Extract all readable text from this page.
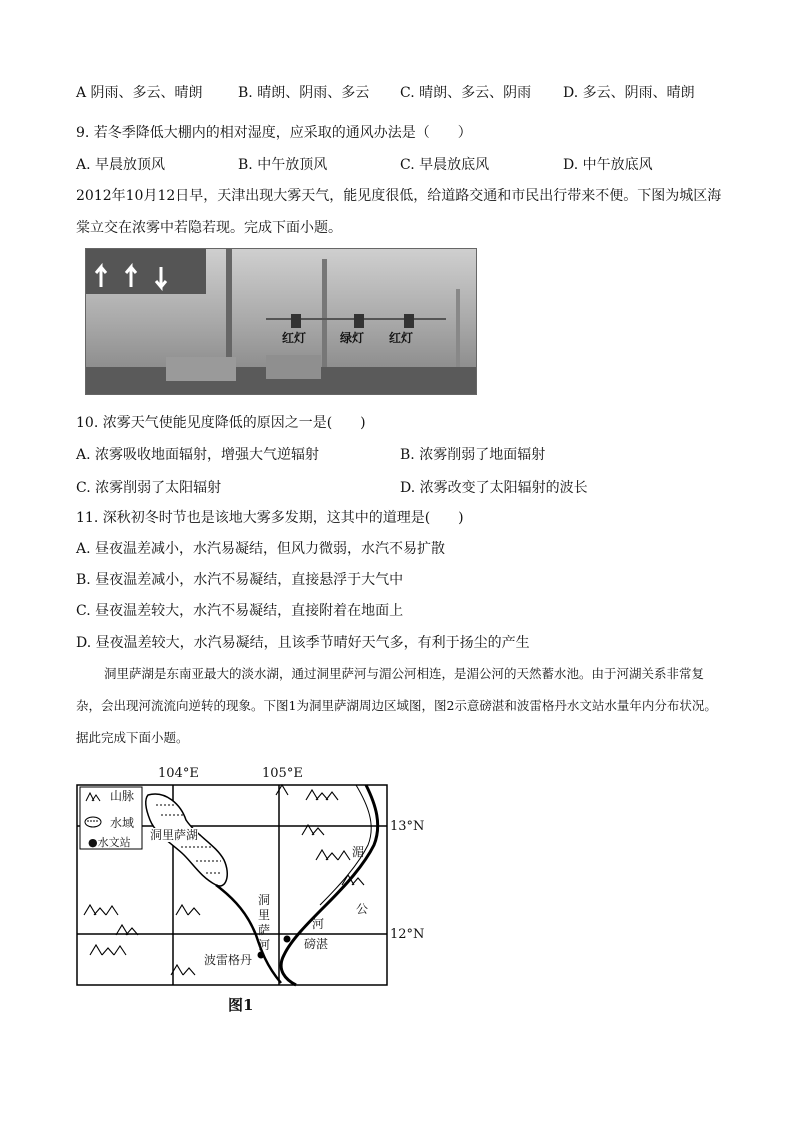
A 阴雨、多云、晴朗	B. 晴朗、阴雨、多云 C. 晴朗、多云、阴雨 D. 多云、阴雨、晴朗
9. 若冬季降低大棚内的相对湿度，应采取的通风办法是（　　）
A. 早晨放顶风	B. 中午放顶风	C. 早晨放底风	D. 中午放底风
2012年10月12日早，天津出现大雾天气，能见度很低，给道路交通和市民出行带来不便。下图为城区海棠立交在浓雾中若隐若现。完成下面小题。
红灯	绿灯 红灯
10. 浓雾天气使能见度降低的原因之一是(　　)
A. 浓雾吸收地面辐射，增强大气逆辐射	B. 浓雾削弱了地面辐射
C. 浓雾削弱了太阳辐射	D. 浓雾改变了太阳辐射的波长
11. 深秋初冬时节也是该地大雾多发期，这其中的道理是(　　)
A. 昼夜温差减小，水汽易凝结，但风力微弱，水汽不易扩散
B. 昼夜温差减小，水汽不易凝结，直接悬浮于大气中
C. 昼夜温差较大，水汽不易凝结，直接附着在地面上
D. 昼夜温差较大，水汽易凝结，且该季节晴好天气多，有利于扬尘的产生
洞里萨湖是东南亚最大的淡水湖，通过洞里萨河与湄公河相连，是湄公河的天然蓄水池。由于河湖关系非常复杂，会出现河流流向逆转的现象。下图1为洞里萨湖周边区域图，图2示意磅湛和波雷格丹水文站水量年内分布状况。据此完成下面小题。
104°E	105°E
13°N
12°N
山脉
水域
●水文站
洞里萨湖
洞
里
萨
河
湄
公
河
磅湛
波雷格丹
图1
